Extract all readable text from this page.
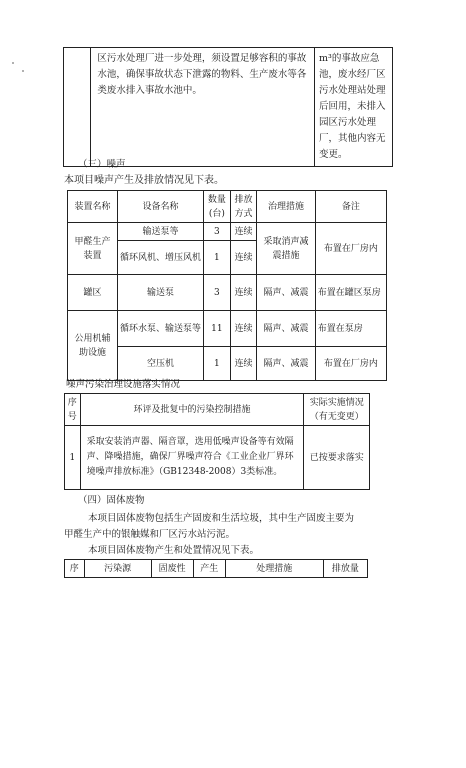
	区污水处理厂进一步处理，须设置足够容积的事故水池，确保事故状态下泄露的物料、生产废水等各类废水排入事故水池中。	m³的事故应急池，废水经厂区污水处理站处理后回用，未排入园区污水处理厂，其他内容无变更。
（三）噪声
本项目噪声产生及排放情况见下表。
装置名称	设备名称	数量(台)	排放方式	治理措施	备注
甲醛生产装置	输送泵等	3	连续	采取消声减震措施	布置在厂房内
	循环风机、增压风机	1	连续		
罐区	输送泵	3	连续	隔声、减震	布置在罐区泵房
公用机辅助设施	循环水泵、输送泵等	11	连续	隔声、减震	布置在泵房
	空压机	1	连续	隔声、减震	布置在厂房内
噪声污染治理设施落实情况
序号	环评及批复中的污染控制措施	实际实施情况（有无变更）
1	采取安装消声器、隔音罩，选用低噪声设备等有效隔声、降噪措施，确保厂界噪声符合《工业企业厂界环境噪声排放标准》（GB12348-2008）3类标准。	已按要求落实
（四）固体废物
本项目固体废物包括生产固废和生活垃圾，其中生产固废主要为
甲醛生产中的银触媒和厂区污水站污泥。
本项目固体废物产生和处置情况见下表。
序	污染源	固废性	产生	处理措施	排放量
